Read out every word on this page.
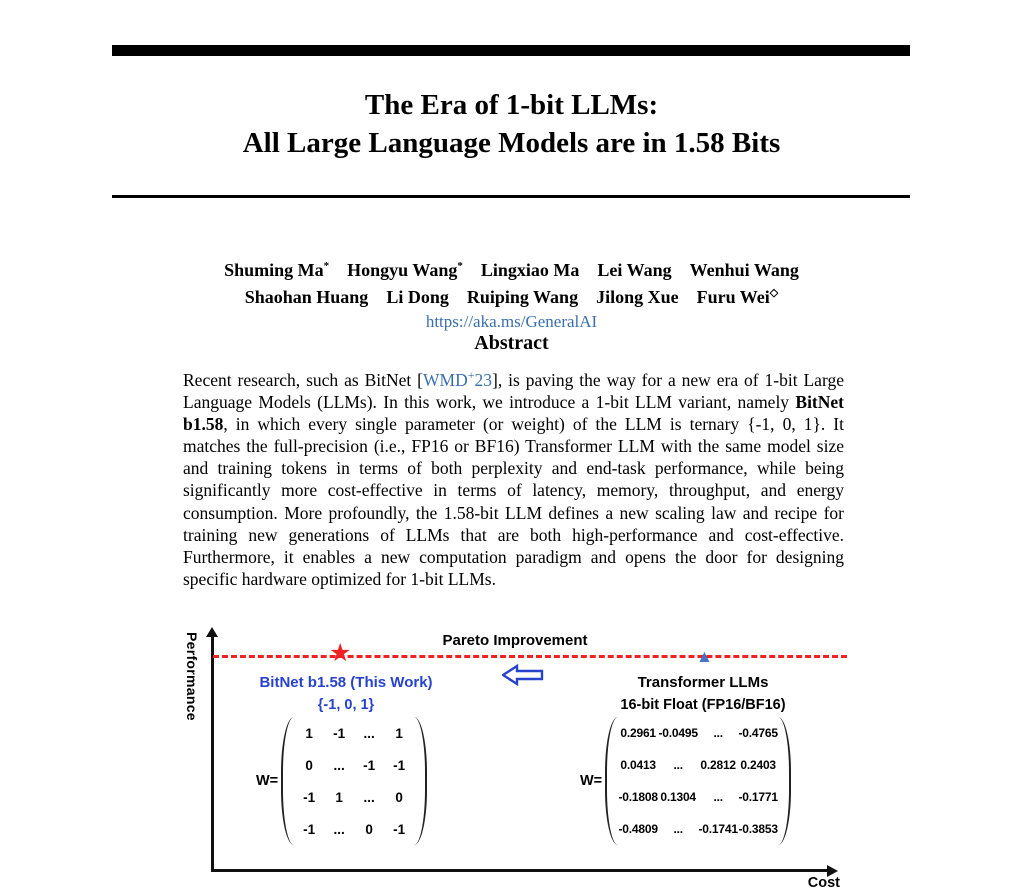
The Era of 1-bit LLMs:
All Large Language Models are in 1.58 Bits
Shuming Ma* Hongyu Wang* Lingxiao Ma Lei Wang Wenhui Wang
Shaohan Huang Li Dong Ruiping Wang Jilong Xue Furu Wei◇
https://aka.ms/GeneralAI
Abstract

Recent research, such as BitNet [WMD+23], is paving the way for a new era of 1-bit Large Language Models (LLMs). In this work, we introduce a 1-bit LLM variant, namely BitNet b1.58, in which every single parameter (or weight) of the LLM is ternary {-1, 0, 1}. It matches the full-precision (i.e., FP16 or BF16) Transformer LLM with the same model size and training tokens in terms of both perplexity and end-task performance, while being significantly more cost-effective in terms of latency, memory, throughput, and energy consumption. More profoundly, the 1.58-bit LLM defines a new scaling law and recipe for training new generations of LLMs that are both high-performance and cost-effective. Furthermore, it enables a new computation paradigm and opens the door for designing specific hardware optimized for 1-bit LLMs.

Performance
Cost
Pareto Improvement
★	▲
BitNet b1.58 (This Work)
{-1, 0, 1}
Transformer LLMs
16-bit Float (FP16/BF16)
W=
1	-1	...	1
0	...	-1	-1
-1	1	...	0
-1	...	0	-1
W=
0.2961 -0.0495	...	-0.4765
0.0413	...	0.2812 0.2403
-0.1808 0.1304	...	-0.1771
-0.4809	...	-0.1741 -0.3853
